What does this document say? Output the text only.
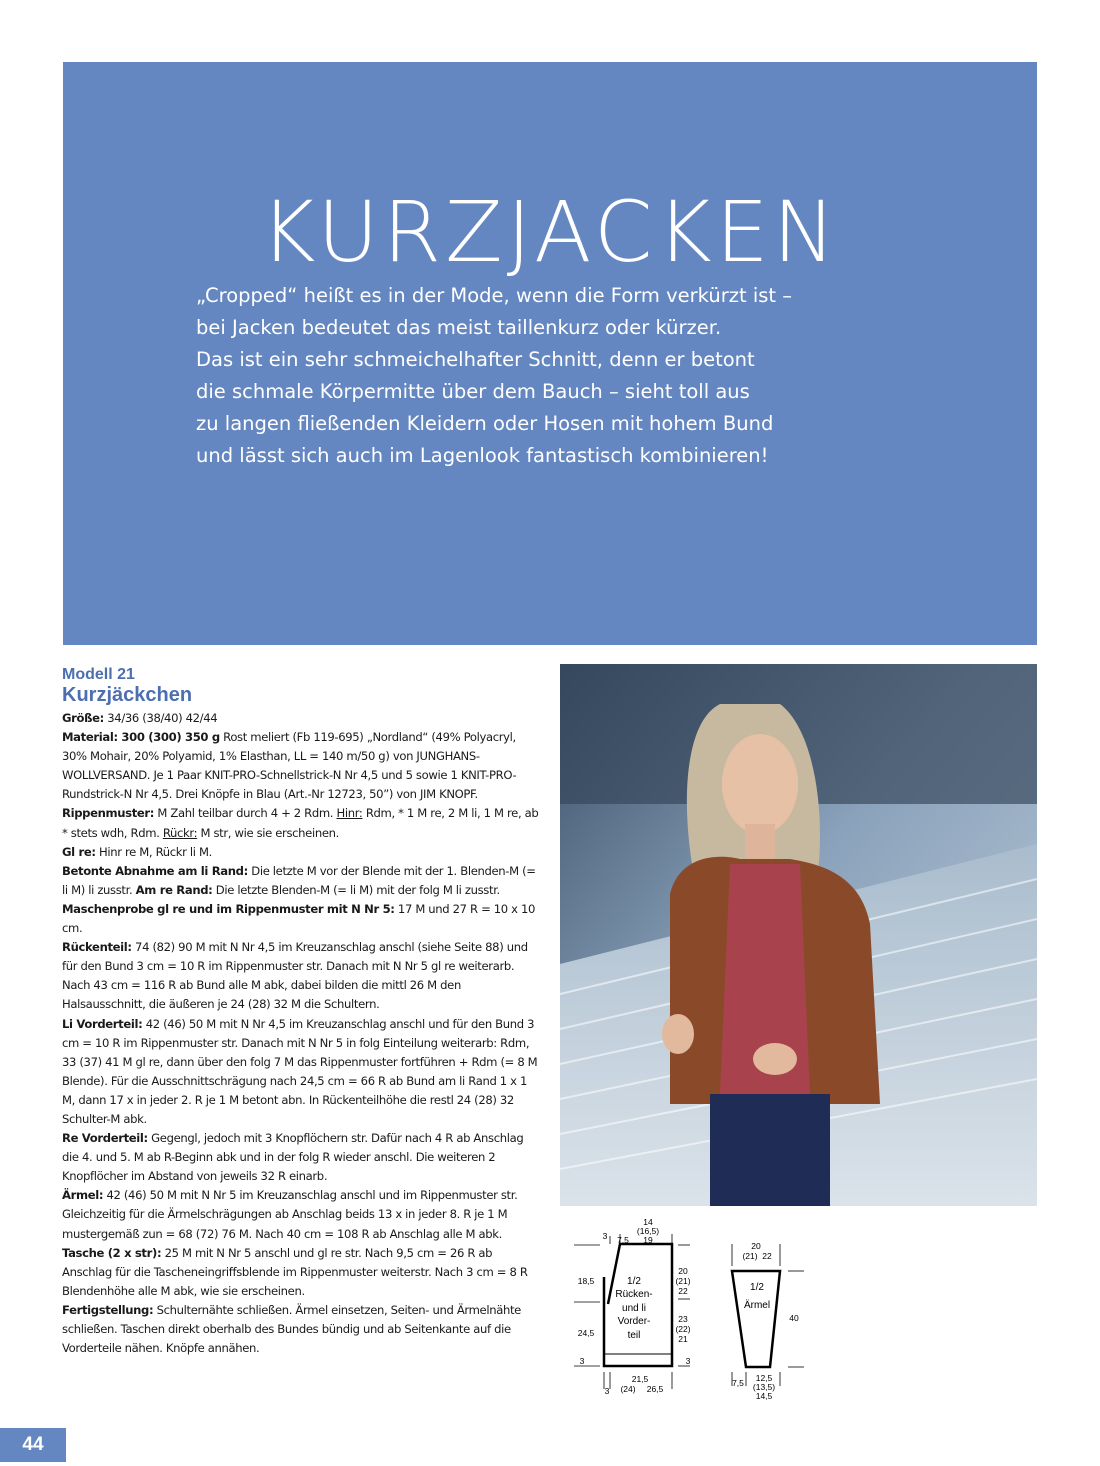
KURZJACKEN
„Cropped“ heißt es in der Mode, wenn die Form verkürzt ist –
bei Jacken bedeutet das meist taillenkurz oder kürzer.
Das ist ein sehr schmeichelhafter Schnitt, denn er betont
die schmale Körpermitte über dem Bauch – sieht toll aus
zu langen fließenden Kleidern oder Hosen mit hohem Bund
und lässt sich auch im Lagenlook fantastisch kombinieren!
Modell 21
Kurzjäckchen

Größe: 34/36 (38/40) 42/44

Material: 300 (300) 350 g Rost meliert (Fb 119-695) „Nordland“ (49% Polyacryl, 30% Mohair, 20% Polyamid, 1% Elasthan, LL = 140 m/50 g) von JUNGHANS-WOLLVERSAND. Je 1 Paar KNIT-PRO-Schnellstrick-N Nr 4,5 und 5 sowie 1 KNIT-PRO-Rundstrick-N Nr 4,5. Drei Knöpfe in Blau (Art.-Nr 12723, 50”) von JIM KNOPF.

Rippenmuster: M Zahl teilbar durch 4 + 2 Rdm. Hinr: Rdm, * 1 M re, 2 M li, 1 M re, ab * stets wdh, Rdm. Rückr: M str, wie sie erscheinen.

Gl re: Hinr re M, Rückr li M.

Betonte Abnahme am li Rand: Die letzte M vor der Blende mit der 1. Blenden-M (= li M) li zusstr. Am re Rand: Die letzte Blenden-M (= li M) mit der folg M li zusstr.

Maschenprobe gl re und im Rippenmuster mit N Nr 5: 17 M und 27 R = 10 x 10 cm.

Rückenteil: 74 (82) 90 M mit N Nr 4,5 im Kreuzanschlag anschl (siehe Seite 88) und für den Bund 3 cm = 10 R im Rippenmuster str. Danach mit N Nr 5 gl re weiterarb. Nach 43 cm = 116 R ab Bund alle M abk, dabei bilden die mittl 26 M den Halsausschnitt, die äußeren je 24 (28) 32 M die Schultern.

Li Vorderteil: 42 (46) 50 M mit N Nr 4,5 im Kreuzanschlag anschl und für den Bund 3 cm = 10 R im Rippenmuster str. Danach mit N Nr 5 in folg Einteilung weiterarb: Rdm, 33 (37) 41 M gl re, dann über den folg 7 M das Rippenmuster fortführen + Rdm (= 8 M Blende). Für die Ausschnittschrägung nach 24,5 cm = 66 R ab Bund am li Rand 1 x 1 M, dann 17 x in jeder 2. R je 1 M betont abn. In Rückenteilhöhe die restl 24 (28) 32 Schulter-M abk.

Re Vorderteil: Gegengl, jedoch mit 3 Knopflöchern str. Dafür nach 4 R ab Anschlag die 4. und 5. M ab R-Beginn abk und in der folg R wieder anschl. Die weiteren 2 Knopflöcher im Abstand von jeweils 32 R einarb.

Ärmel: 42 (46) 50 M mit N Nr 5 im Kreuzanschlag anschl und im Rippenmuster str. Gleichzeitig für die Ärmelschrägungen ab Anschlag beids 13 x in jeder 8. R je 1 M mustergemäß zun = 68 (72) 76 M. Nach 40 cm = 108 R ab Anschlag alle M abk.

Tasche (2 x str): 25 M mit N Nr 5 anschl und gl re str. Nach 9,5 cm = 26 R ab Anschlag für die Tascheneingriffsblende im Rippenmuster weiterstr. Nach 3 cm = 8 R Blendenhöhe alle M abk, wie sie erscheinen.

Fertigstellung: Schulternähte schließen. Ärmel einsetzen, Seiten- und Ärmelnähte schließen. Taschen direkt oberhalb des Bundes bündig und ab Seitenkante auf die Vorderteile nähen. Knöpfe annähen.

1/2
Rücken-
und li
Vorder-
teil
14
(16,5)
19
3 7,5
18,5
24,5
3
20
(21)
22
23
(22)
21
3
3
21,5
(24) 26,5
1/2
Ärmel
20
(21) 22
40
7,5 12,5
(13,5)
14,5
44
